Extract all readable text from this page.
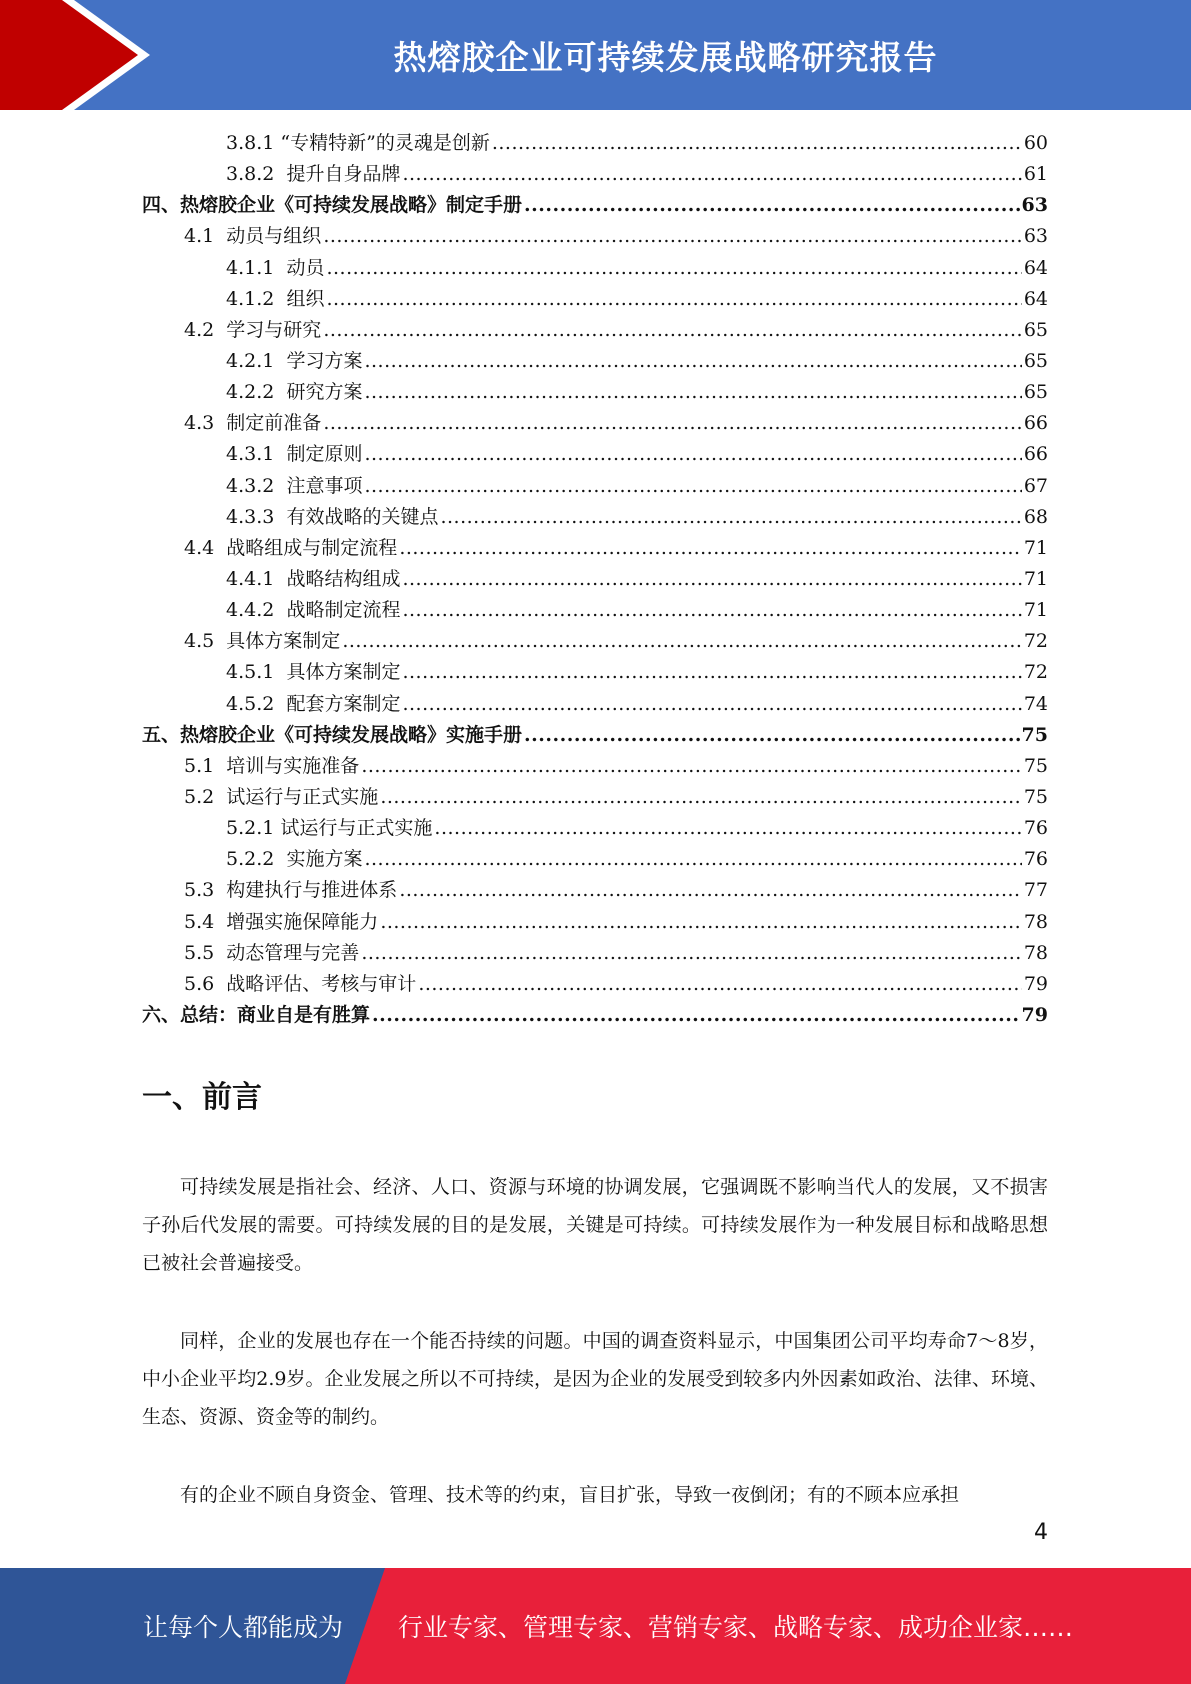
热熔胶企业可持续发展战略研究报告
3.8.1 “专精特新”的灵魂是创新 .....	60
3.8.2 提升自身品牌 .....	61
四、热熔胶企业《可持续发展战略》制定手册 .....	63
4.1 动员与组织 .....	63
4.1.1 动员 .....	64
4.1.2 组织 .....	64
4.2 学习与研究 .....	65
4.2.1 学习方案 .....	65
4.2.2 研究方案 .....	65
4.3 制定前准备 .....	66
4.3.1 制定原则 .....	66
4.3.2 注意事项 .....	67
4.3.3 有效战略的关键点 .....	68
4.4 战略组成与制定流程 .....	71
4.4.1 战略结构组成 .....	71
4.4.2 战略制定流程 .....	71
4.5 具体方案制定 .....	72
4.5.1 具体方案制定 .....	72
4.5.2 配套方案制定 .....	74
五、热熔胶企业《可持续发展战略》实施手册 .....	75
5.1 培训与实施准备 .....	75
5.2 试运行与正式实施 .....	75
5.2.1 试运行与正式实施 .....	76
5.2.2 实施方案 .....	76
5.3 构建执行与推进体系 .....	77
5.4 增强实施保障能力 .....	78
5.5 动态管理与完善 .....	78
5.6 战略评估、考核与审计 .....	79
六、总结：商业自是有胜算 .....	79
一、前言

可持续发展是指社会、经济、人口、资源与环境的协调发展，它强调既不影响当代人的发展，又不损害子孙后代发展的需要。可持续发展的目的是发展，关键是可持续。可持续发展作为一种发展目标和战略思想已被社会普遍接受。

同样，企业的发展也存在一个能否持续的问题。中国的调查资料显示，中国集团公司平均寿命7～8岁，中小企业平均2.9岁。企业发展之所以不可持续，是因为企业的发展受到较多内外因素如政治、法律、环境、生态、资源、资金等的制约。

有的企业不顾自身资金、管理、技术等的约束，盲目扩张，导致一夜倒闭；有的不顾本应承担

4
让每个人都能成为 行业专家、管理专家、营销专家、战略专家、成功企业家……
